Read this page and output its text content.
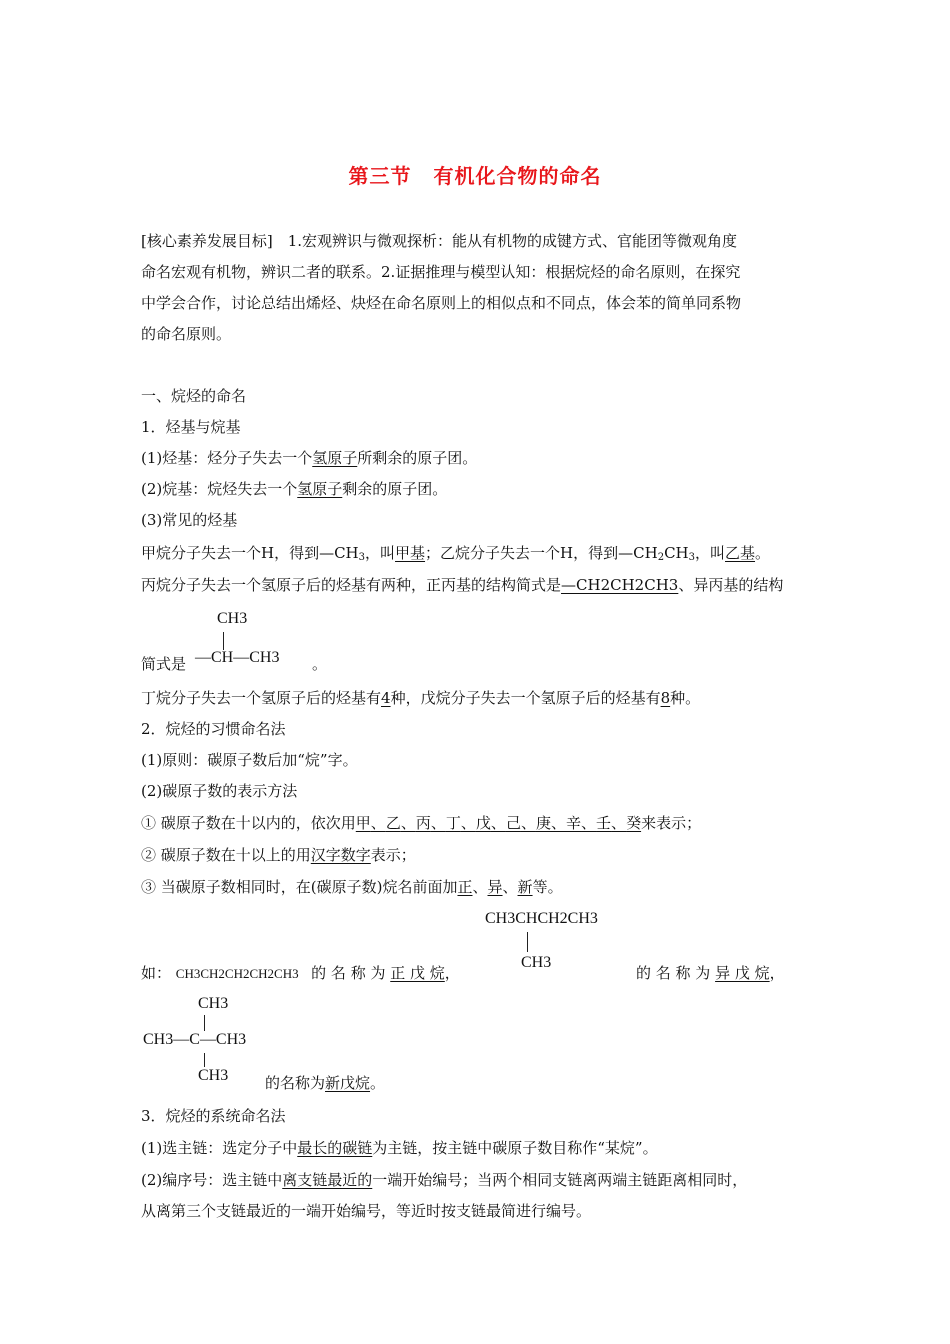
第三节 有机化合物的命名
[核心素养发展目标]　1.宏观辨识与微观探析：能从有机物的成键方式、官能团等微观角度
命名宏观有机物，辨识二者的联系。2.证据推理与模型认知：根据烷烃的命名原则，在探究
中学会合作，讨论总结出烯烃、炔烃在命名原则上的相似点和不同点，体会苯的简单同系物
的命名原则。
一、烷烃的命名
1．烃基与烷基
(1)烃基：烃分子失去一个氢原子所剩余的原子团。
(2)烷基：烷烃失去一个氢原子剩余的原子团。
(3)常见的烃基
甲烷分子失去一个H，得到$—CH_3$，叫甲基；乙烷分子失去一个H，得到$—CH_2CH_3$，叫乙基。
丙烷分子失去一个氢原子后的烃基有两种，正丙基的结构简式是—CH2CH2CH3、异丙基的结构
简式是
CH3
—CH—CH3 。
丁烷分子失去一个氢原子后的烃基有4种，戊烷分子失去一个氢原子后的烃基有8种。
2．烷烃的习惯命名法
(1)原则：碳原子数后加“烷”字。
(2)碳原子数的表示方法
① 碳原子数在十以内的，依次用甲、乙、丙、丁、戊、己、庚、辛、壬、癸来表示；
② 碳原子数在十以上的用汉字数字表示；
③ 当碳原子数相同时，在(碳原子数)烷名前面加正、异、新等。
如： CH3CH2CH2CH2CH3 的 名 称 为 正 戊 烷，
CH3CHCH2CH3
CH3
的 名 称 为 异 戊 烷，
CH3
CH3—C—CH3
CH3 的名称为新戊烷。
3．烷烃的系统命名法
(1)选主链：选定分子中最长的碳链为主链，按主链中碳原子数目称作“某烷”。
(2)编序号：选主链中离支链最近的一端开始编号；当两个相同支链离两端主链距离相同时，
从离第三个支链最近的一端开始编号，等近时按支链最简进行编号。
